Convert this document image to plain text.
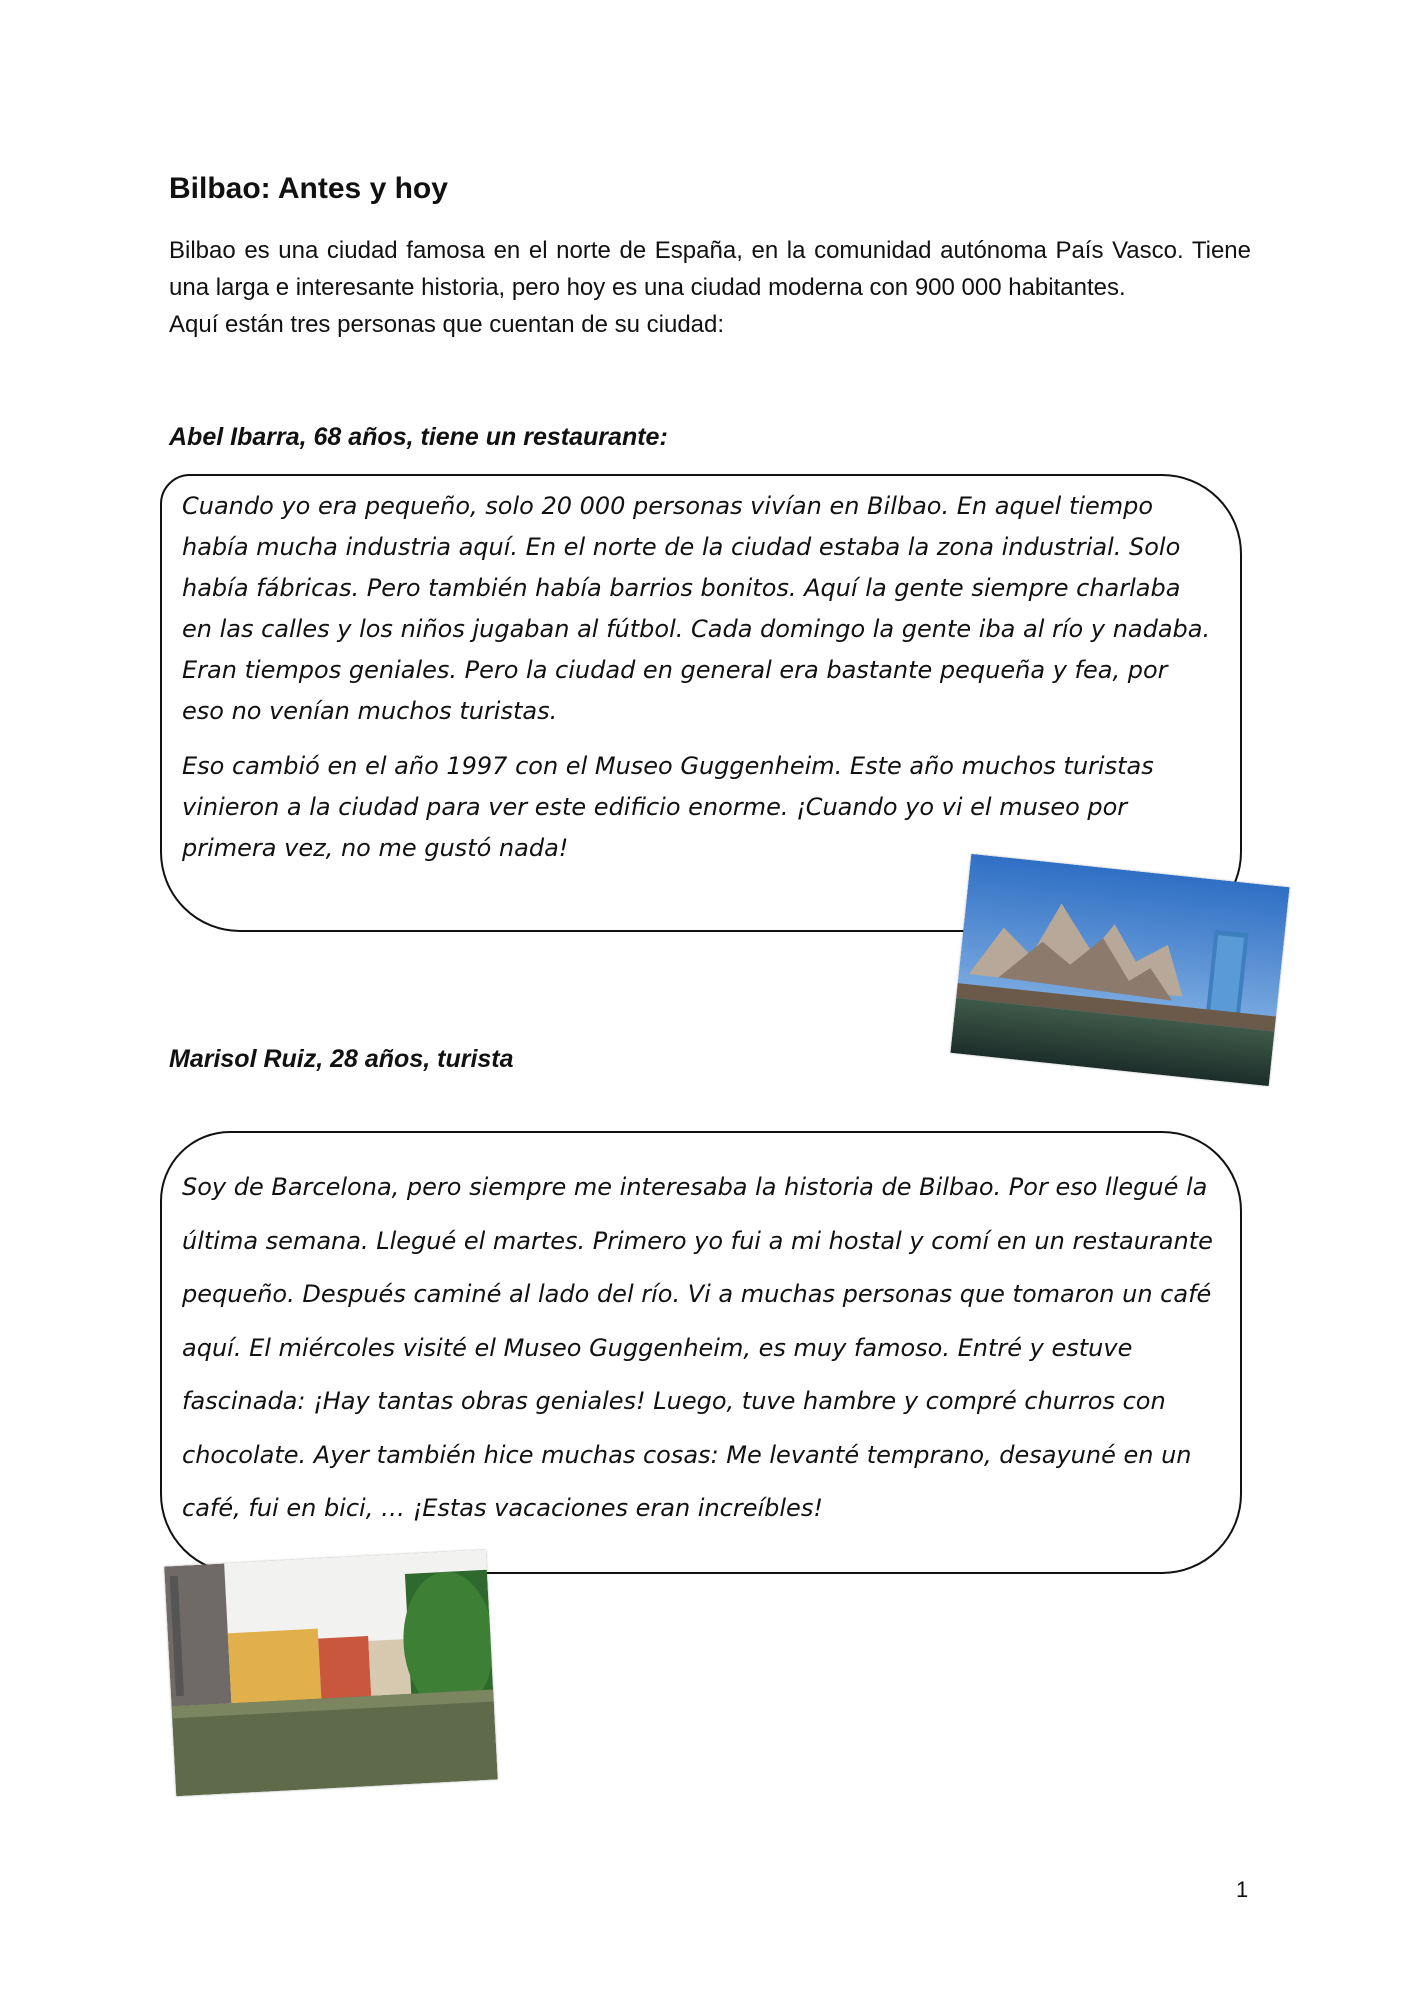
Bilbao: Antes y hoy

Bilbao es una ciudad famosa en el norte de España, en la comunidad autónoma País Vasco. Tiene una larga e interesante historia, pero hoy es una ciudad moderna con 900 000 habitantes.

Aquí están tres personas que cuentan de su ciudad:

Abel Ibarra, 68 años, tiene un restaurante:

Cuando yo era pequeño, solo 20 000 personas vivían en Bilbao. En aquel tiempo había mucha industria aquí. En el norte de la ciudad estaba la zona industrial. Solo había fábricas. Pero también había barrios bonitos. Aquí la gente siempre charlaba en las calles y los niños jugaban al fútbol. Cada domingo la gente iba al río y nadaba. Eran tiempos geniales. Pero la ciudad en general era bastante pequeña y fea, por eso no venían muchos turistas.

Eso cambió en el año 1997 con el Museo Guggenheim. Este año muchos turistas vinieron a la ciudad para ver este edificio enorme. ¡Cuando yo vi el museo por primera vez, no me gustó nada!

Marisol Ruiz, 28 años, turista

Soy de Barcelona, pero siempre me interesaba la historia de Bilbao. Por eso llegué la última semana. Llegué el martes. Primero yo fui a mi hostal y comí en un restaurante pequeño. Después caminé al lado del río. Vi a muchas personas que tomaron un café aquí. El miércoles visité el Museo Guggenheim, es muy famoso. Entré y estuve fascinada: ¡Hay tantas obras geniales! Luego, tuve hambre y compré churros con chocolate. Ayer también hice muchas cosas: Me levanté temprano, desayuné en un café, fui en bici, … ¡Estas vacaciones eran increíbles!

1
